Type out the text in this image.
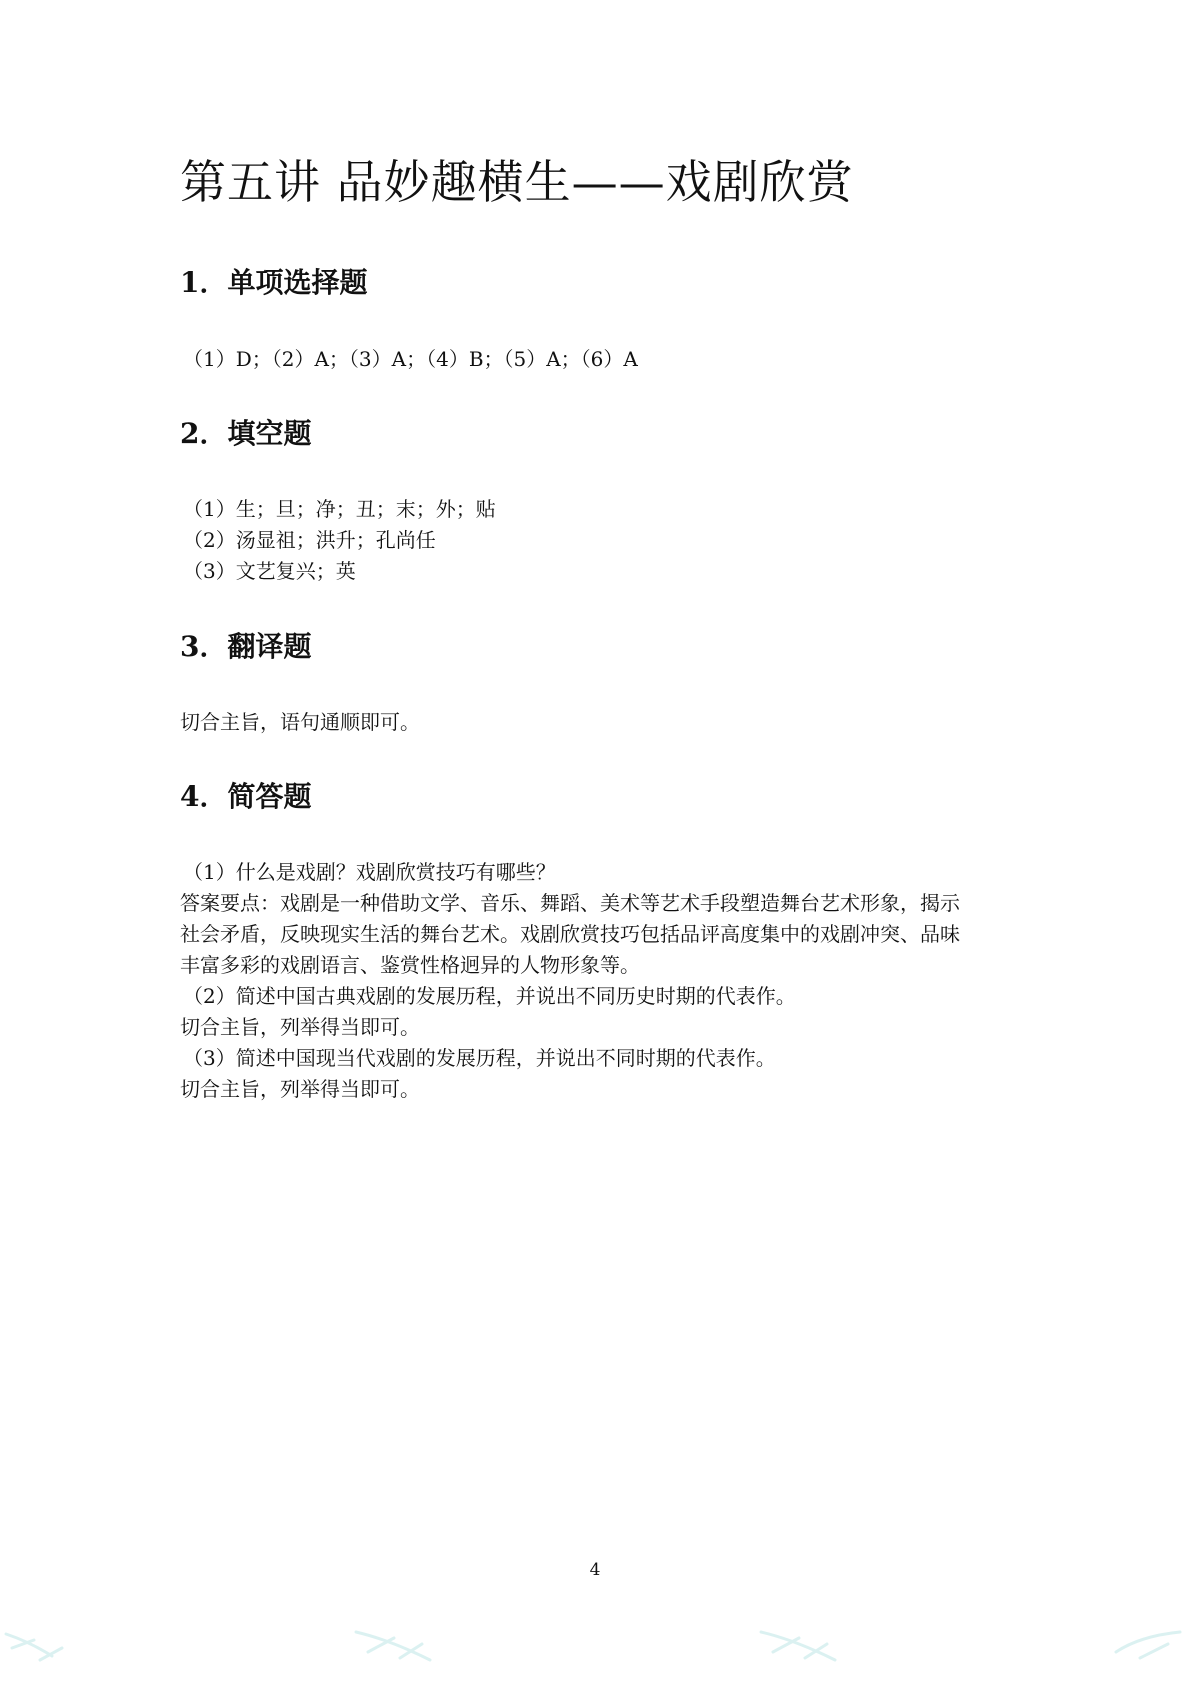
第五讲 品妙趣横生——戏剧欣赏
1．单项选择题

（1）D；（2）A；（3）A；（4）B；（5）A；（6）A

2．填空题

（1）生；旦；净；丑；末；外；贴

（2）汤显祖；洪升；孔尚任

（3）文艺复兴；英

3．翻译题

切合主旨，语句通顺即可。

4．简答题

（1）什么是戏剧？戏剧欣赏技巧有哪些？

答案要点：戏剧是一种借助文学、音乐、舞蹈、美术等艺术手段塑造舞台艺术形象，揭示

社会矛盾，反映现实生活的舞台艺术。戏剧欣赏技巧包括品评高度集中的戏剧冲突、品味

丰富多彩的戏剧语言、鉴赏性格迥异的人物形象等。

（2）简述中国古典戏剧的发展历程，并说出不同历史时期的代表作。

切合主旨，列举得当即可。

（3）简述中国现当代戏剧的发展历程，并说出不同时期的代表作。

切合主旨，列举得当即可。

4
